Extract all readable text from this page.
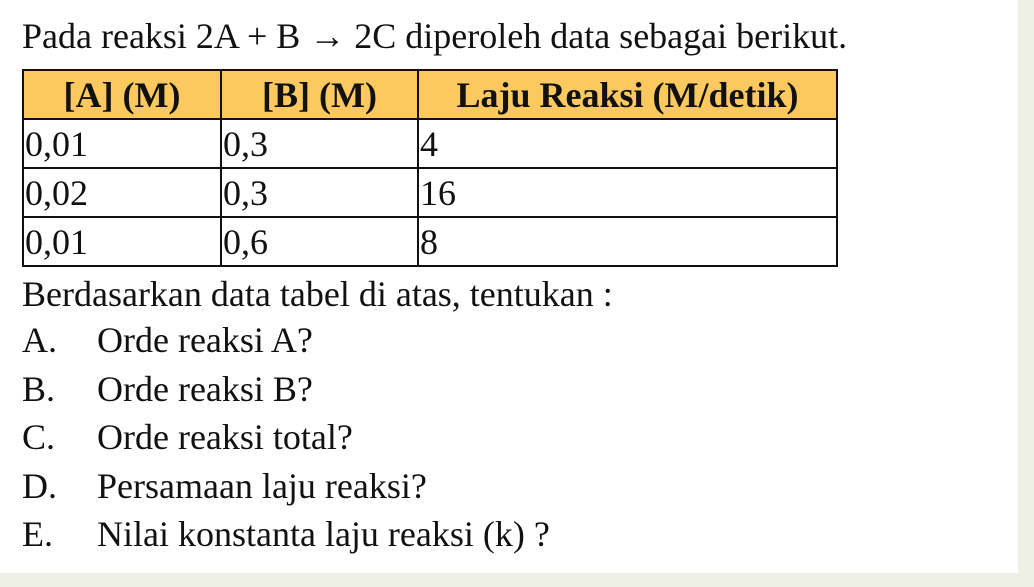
Pada reaksi 2A + B → 2C diperoleh data sebagai berikut.
[A] (M)	[B] (M)	Laju Reaksi (M/detik)
0,01	0,3	4
0,02	0,3	16
0,01	0,6	8
Berdasarkan data tabel di atas, tentukan :
A. Orde reaksi A?
B. Orde reaksi B?
C. Orde reaksi total?
D. Persamaan laju reaksi?
E. Nilai konstanta laju reaksi (k) ?
